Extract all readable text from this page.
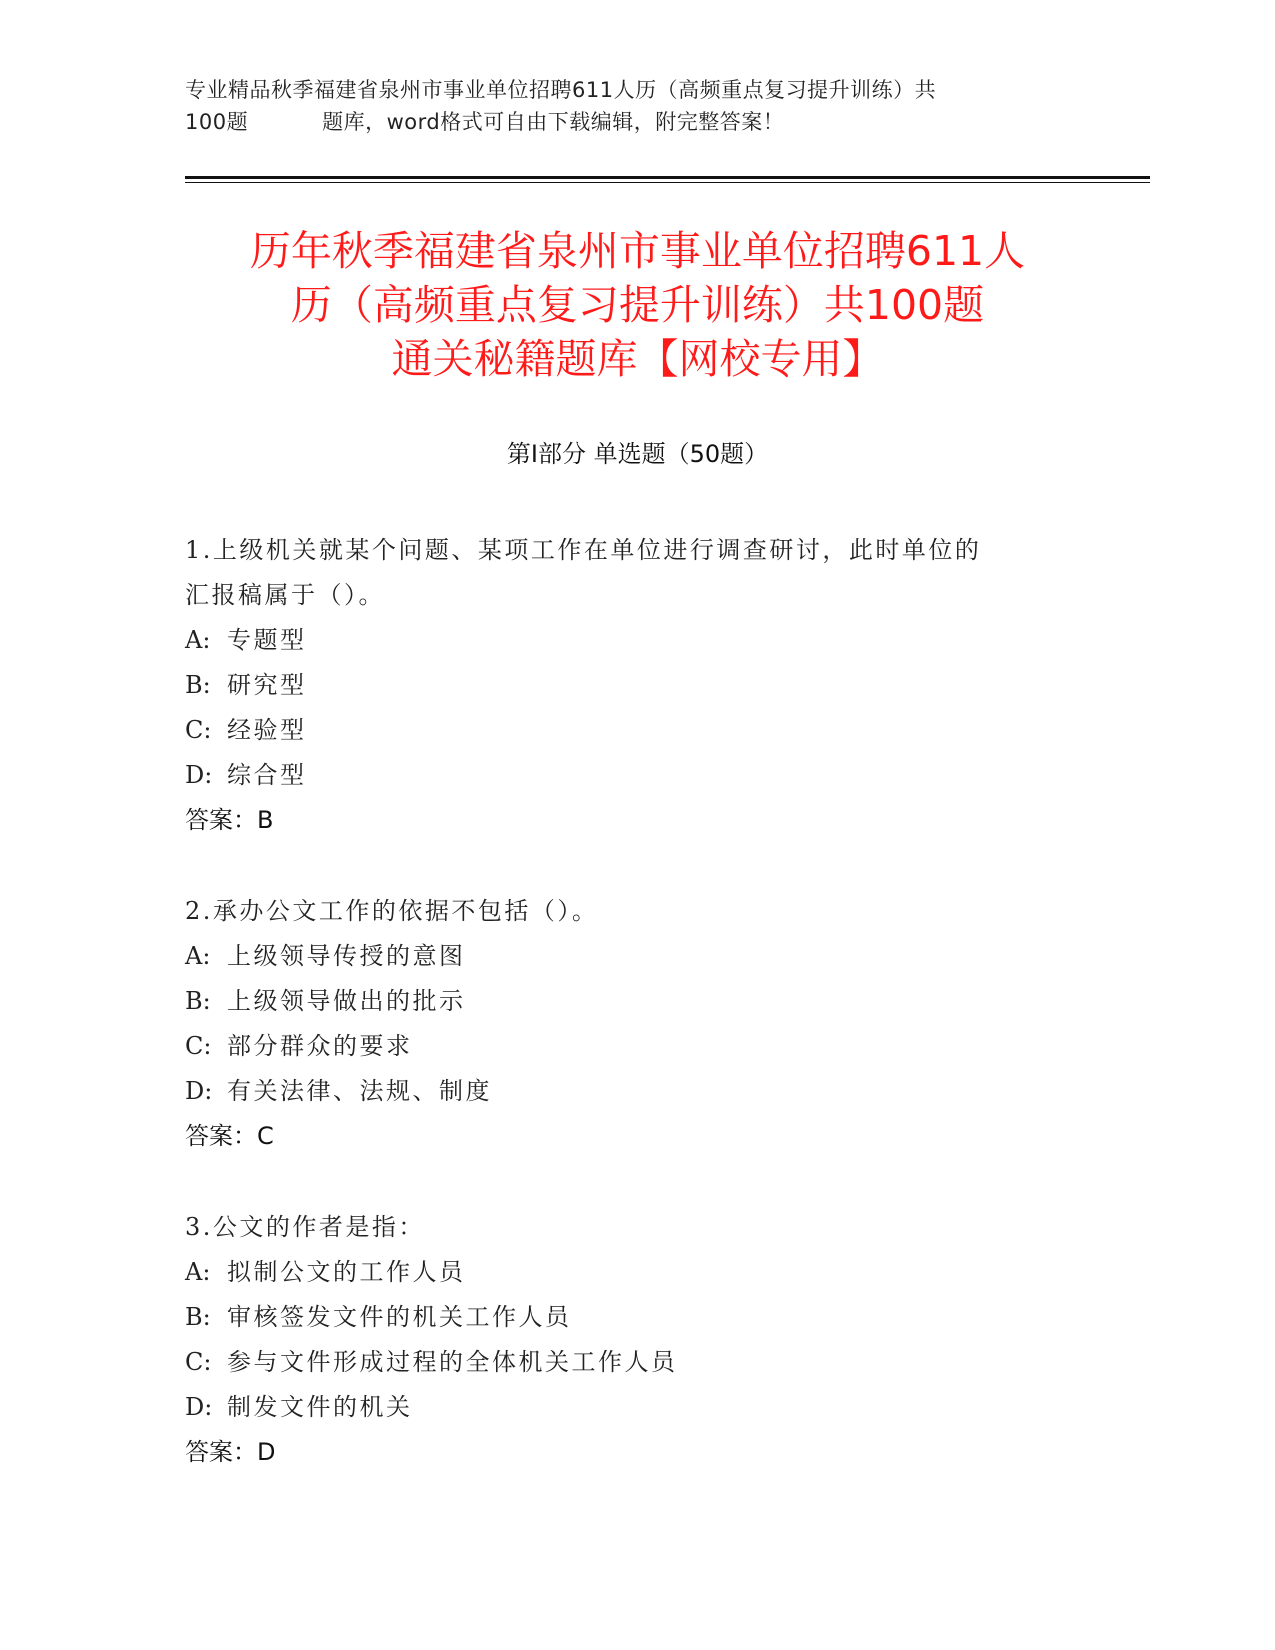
专业精品秋季福建省泉州市事业单位招聘611人历（高频重点复习提升训练）共
100题	题库，word格式可自由下载编辑，附完整答案！
历年秋季福建省泉州市事业单位招聘611人
历（高频重点复习提升训练）共100题
通关秘籍题库【网校专用】
第Ⅰ部分 单选题（50题）
1.上级机关就某个问题、某项工作在单位进行调查研讨，此时单位的
汇报稿属于（）。
A: 专题型
B: 研究型
C: 经验型
D: 综合型
答案：B
2.承办公文工作的依据不包括（）。
A: 上级领导传授的意图
B: 上级领导做出的批示
C: 部分群众的要求
D: 有关法律、法规、制度
答案：C
3.公文的作者是指：
A: 拟制公文的工作人员
B: 审核签发文件的机关工作人员
C: 参与文件形成过程的全体机关工作人员
D: 制发文件的机关
答案：D
